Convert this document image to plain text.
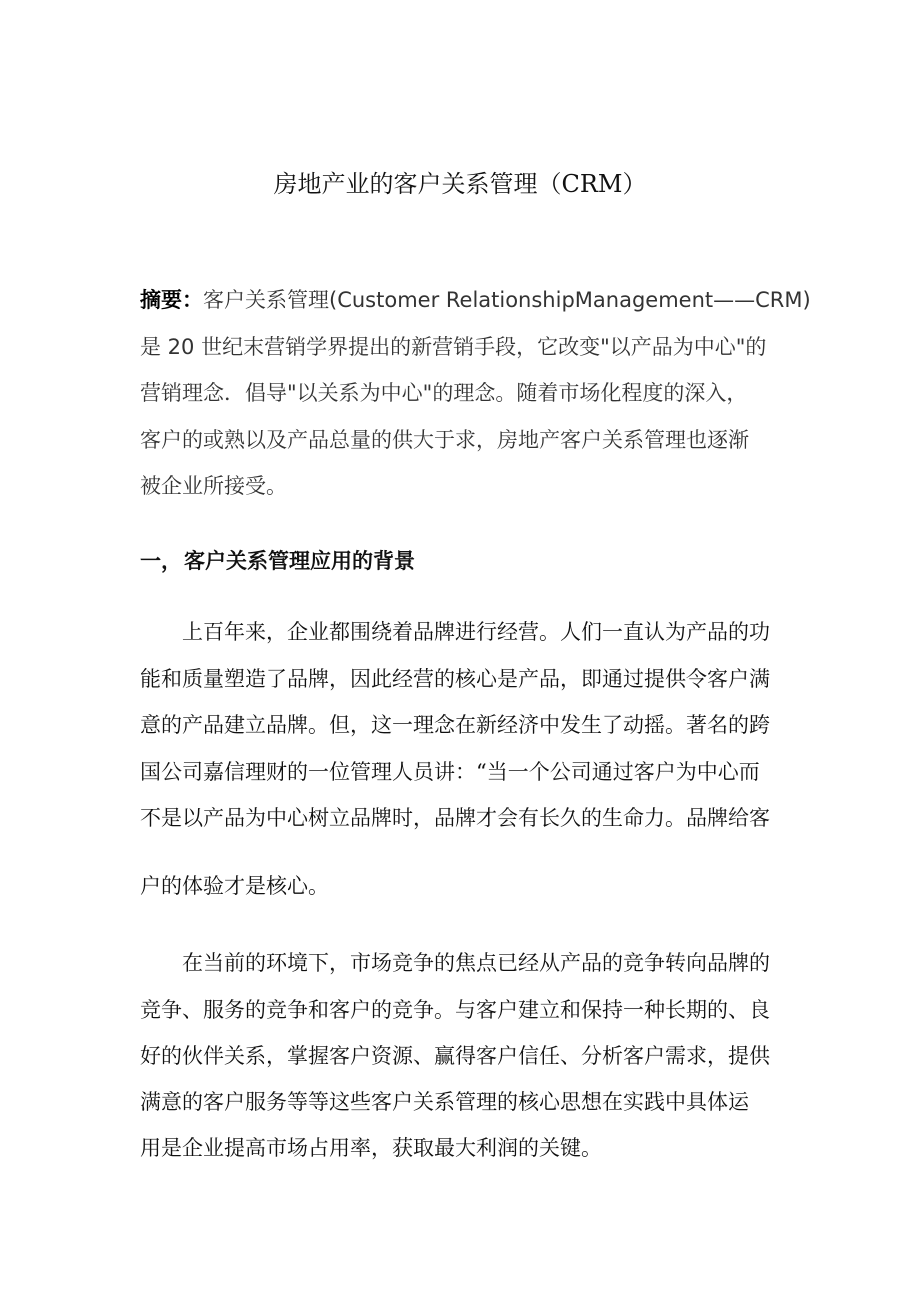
房地产业的客户关系管理（CRM）
摘要：客户关系管理(Customer RelationshipManagement——CRM)
是 20 世纪末营销学界提出的新营销手段，它改变"以产品为中心"的
营销理念．倡导"以关系为中心"的理念。随着市场化程度的深入，
客户的或熟以及产品总量的供大于求，房地产客户关系管理也逐渐
被企业所接受。
一，客户关系管理应用的背景
　　上百年来，企业都围绕着品牌进行经营。人们一直认为产品的功
能和质量塑造了品牌，因此经营的核心是产品，即通过提供令客户满
意的产品建立品牌。但，这一理念在新经济中发生了动摇。著名的跨
国公司嘉信理财的一位管理人员讲：“当一个公司通过客户为中心而
不是以产品为中心树立品牌时，品牌才会有长久的生命力。品牌给客
户的体验才是核心。
　　在当前的环境下，市场竞争的焦点已经从产品的竞争转向品牌的
竞争、服务的竞争和客户的竞争。与客户建立和保持一种长期的、良
好的伙伴关系，掌握客户资源、赢得客户信任、分析客户需求，提供
满意的客户服务等等这些客户关系管理的核心思想在实践中具体运
用是企业提高市场占用率，获取最大利润的关键。
